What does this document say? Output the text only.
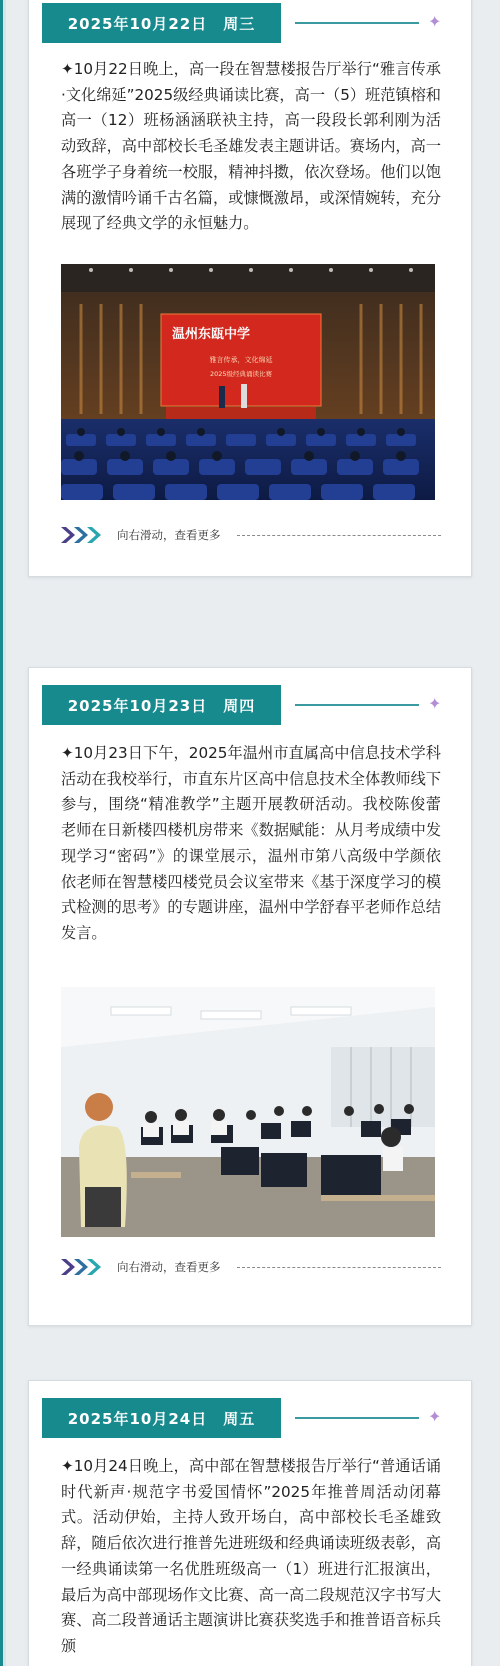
2025年10月22日　周三	✦
✦10月22日晚上，高一段在智慧楼报告厅举行“雅言传承·文化绵延”2025级经典诵读比赛，高一（5）班范镇榕和高一（12）班杨涵涵联袂主持，高一段段长郭利刚为活动致辞，高中部校长毛圣雄发表主题讲话。赛场内，高一各班学子身着统一校服，精神抖擞，依次登场。他们以饱满的激情吟诵千古名篇，或慷慨激昂，或深情婉转，充分展现了经典文学的永恒魅力。
温州东瓯中学
雅言传承，文化绵延
2025级经典诵读比赛
向右滑动，查看更多
2025年10月23日　周四	✦
✦10月23日下午，2025年温州市直属高中信息技术学科活动在我校举行，市直东片区高中信息技术全体教师线下参与，围绕“精准教学”主题开展教研活动。我校陈俊蕾老师在日新楼四楼机房带来《数据赋能：从月考成绩中发现学习“密码”》的课堂展示，温州市第八高级中学颜依依老师在智慧楼四楼党员会议室带来《基于深度学习的模式检测的思考》的专题讲座，温州中学舒春平老师作总结发言。
向右滑动，查看更多
2025年10月24日　周五	✦
✦10月24日晚上，高中部在智慧楼报告厅举行“普通话诵时代新声·规范字书爱国情怀”2025年推普周活动闭幕式。活动伊始，主持人致开场白，高中部校长毛圣雄致辞，随后依次进行推普先进班级和经典诵读班级表彰，高一经典诵读第一名优胜班级高一（1）班进行汇报演出，最后为高中部现场作文比赛、高一高二段规范汉字书写大赛、高二段普通话主题演讲比赛获奖选手和推普语音标兵颁
